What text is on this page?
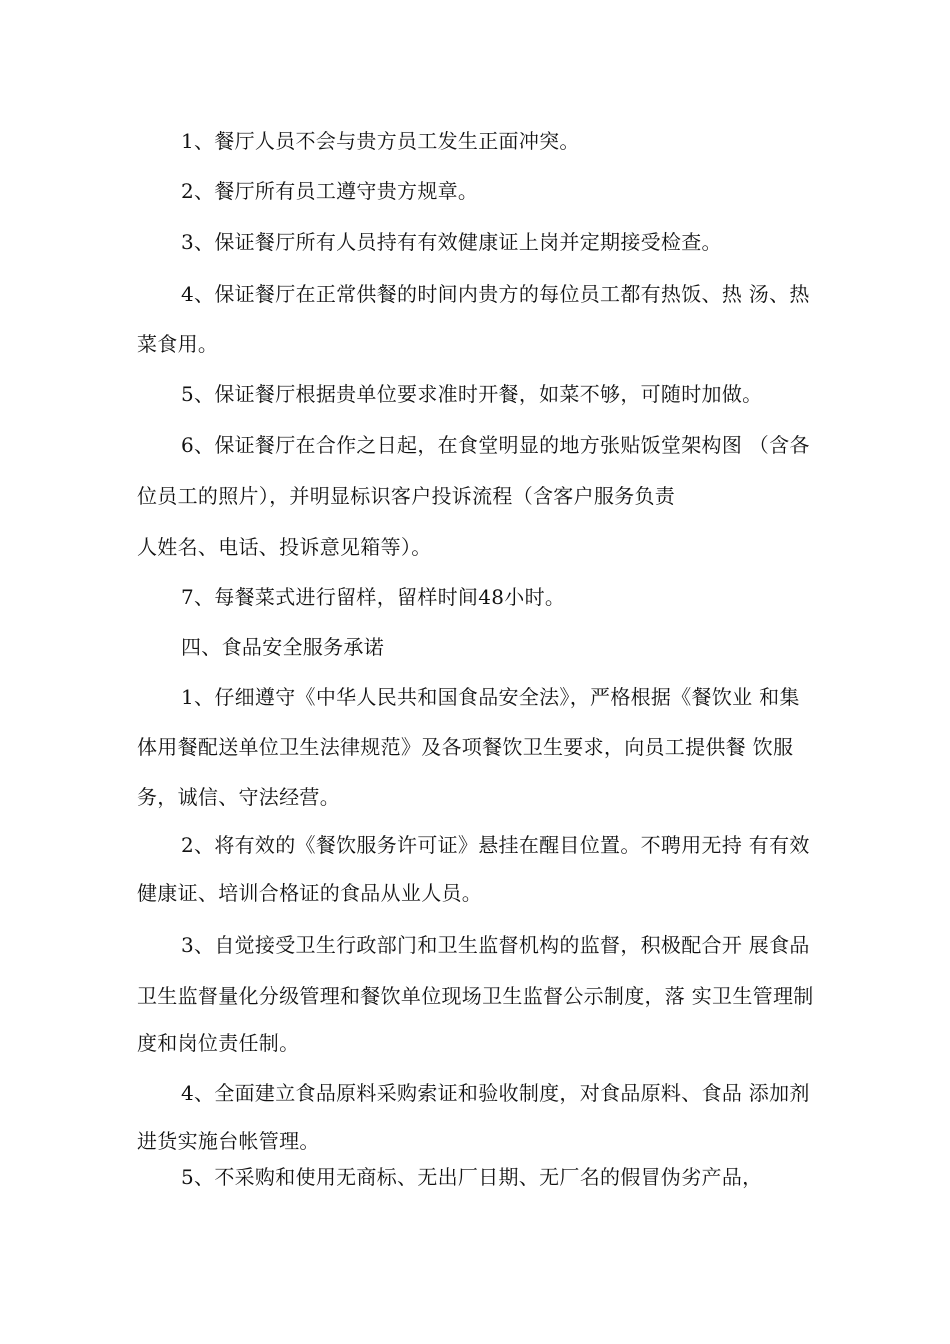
1、餐厅人员不会与贵方员工发生正面冲突。
2、餐厅所有员工遵守贵方规章。
3、保证餐厅所有人员持有有效健康证上岗并定期接受检查。
4、保证餐厅在正常供餐的时间内贵方的每位员工都有热饭、热 汤、热
菜食用。
5、保证餐厅根据贵单位要求准时开餐，如菜不够，可随时加做。
6、保证餐厅在合作之日起，在食堂明显的地方张贴饭堂架构图 （含各
位员工的照片），并明显标识客户投诉流程（含客户服务负责
人姓名、电话、投诉意见箱等）。
7、每餐菜式进行留样，留样时间48小时。
四、食品安全服务承诺
1、仔细遵守《中华人民共和国食品安全法》，严格根据《餐饮业 和集
体用餐配送单位卫生法律规范》及各项餐饮卫生要求，向员工提供餐 饮服
务，诚信、守法经营。
2、将有效的《餐饮服务许可证》悬挂在醒目位置。不聘用无持 有有效
健康证、培训合格证的食品从业人员。
3、自觉接受卫生行政部门和卫生监督机构的监督，积极配合开 展食品
卫生监督量化分级管理和餐饮单位现场卫生监督公示制度，落 实卫生管理制
度和岗位责任制。
4、全面建立食品原料采购索证和验收制度，对食品原料、食品 添加剂
进货实施台帐管理。
5、不采购和使用无商标、无出厂日期、无厂名的假冒伪劣产品，
